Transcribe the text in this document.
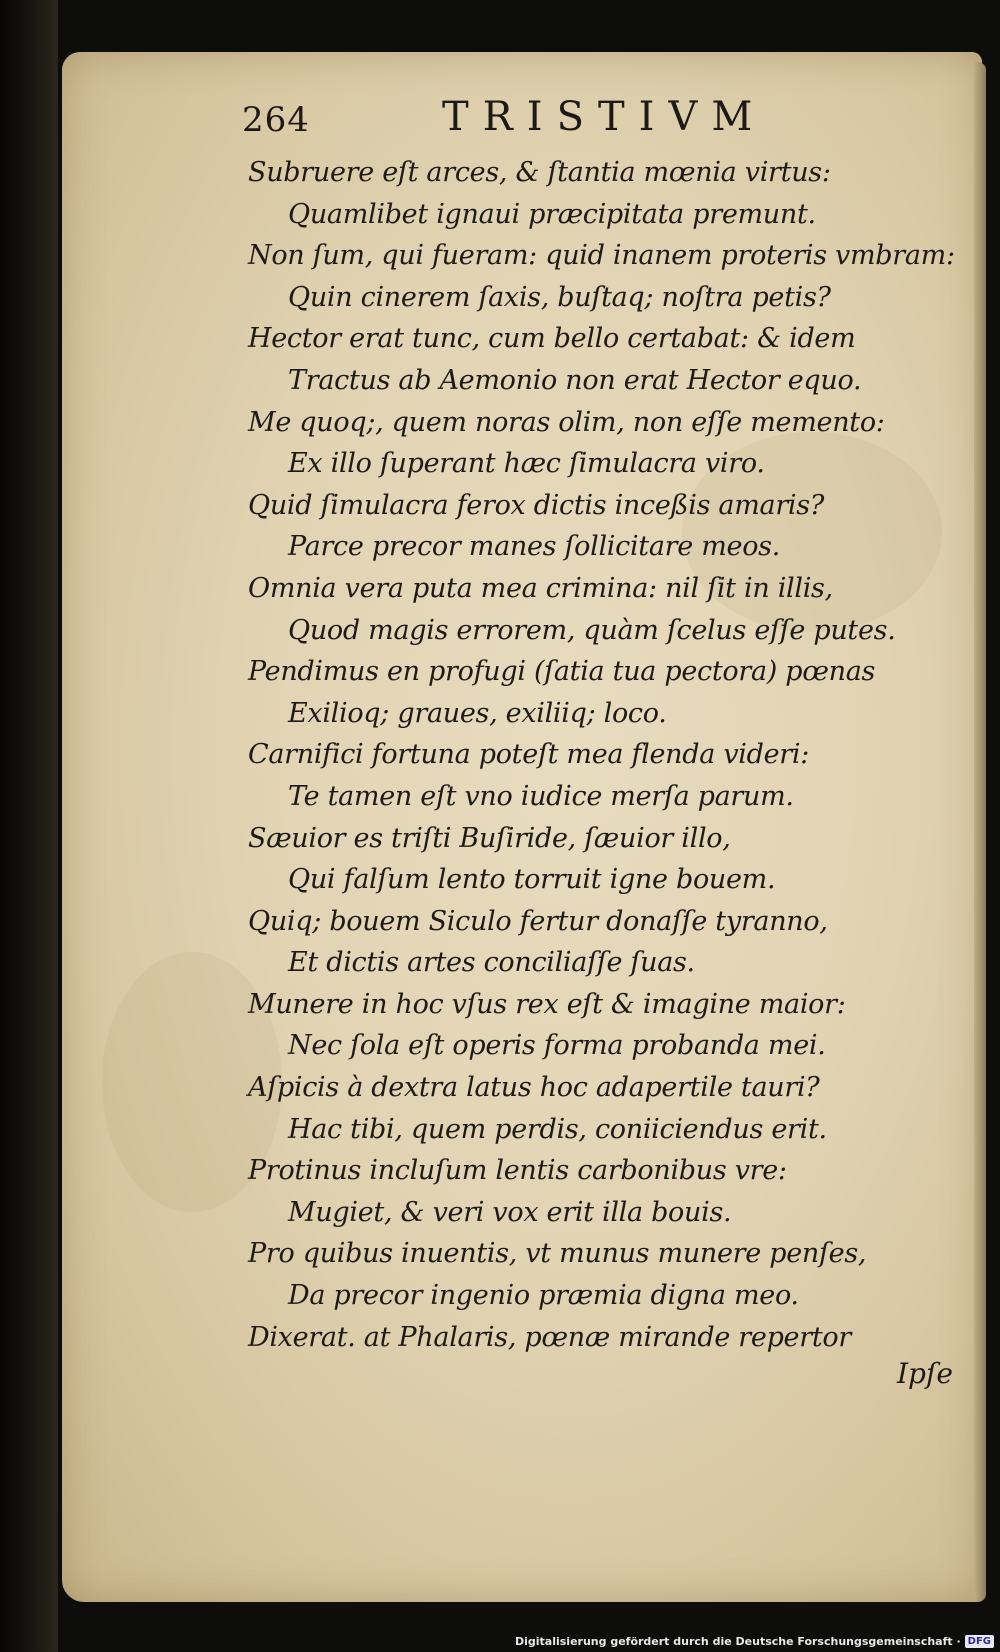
264	TRISTIVM
Subruere eſt arces, & ſtantia mœnia virtus:
Quamlibet ignaui præcipitata premunt.
Non ſum, qui fueram: quid inanem proteris vmbram:
Quin cinerem ſaxis, buſtaq; noſtra petis?
Hector erat tunc, cum bello certabat: & idem
Tractus ab Aemonio non erat Hector equo.
Me quoq;, quem noras olim, non eſſe memento:
Ex illo ſuperant hæc ſimulacra viro.
Quid ſimulacra ferox dictis inceßis amaris?
Parce precor manes ſollicitare meos.
Omnia vera puta mea crimina: nil ſit in illis,
Quod magis errorem, quàm ſcelus eſſe putes.
Pendimus en profugi (ſatia tua pectora) pœnas
Exilioq; graues, exiliiq; loco.
Carnifici fortuna poteſt mea flenda videri:
Te tamen eſt vno iudice merſa parum.
Sæuior es triſti Buſiride, ſæuior illo,
Qui falſum lento torruit igne bouem.
Quiq; bouem Siculo fertur donaſſe tyranno,
Et dictis artes conciliaſſe ſuas.
Munere in hoc vſus rex eſt & imagine maior:
Nec ſola eſt operis forma probanda mei.
Aſpicis à dextra latus hoc adapertile tauri?
Hac tibi, quem perdis, coniiciendus erit.
Protinus incluſum lentis carbonibus vre:
Mugiet, & veri vox erit illa bouis.
Pro quibus inuentis, vt munus munere penſes,
Da precor ingenio præmia digna meo.
Dixerat. at Phalaris, pœnæ mirande repertor
Ipſe
Digitalisierung gefördert durch die Deutsche Forschungsgemeinschaft · DFG
